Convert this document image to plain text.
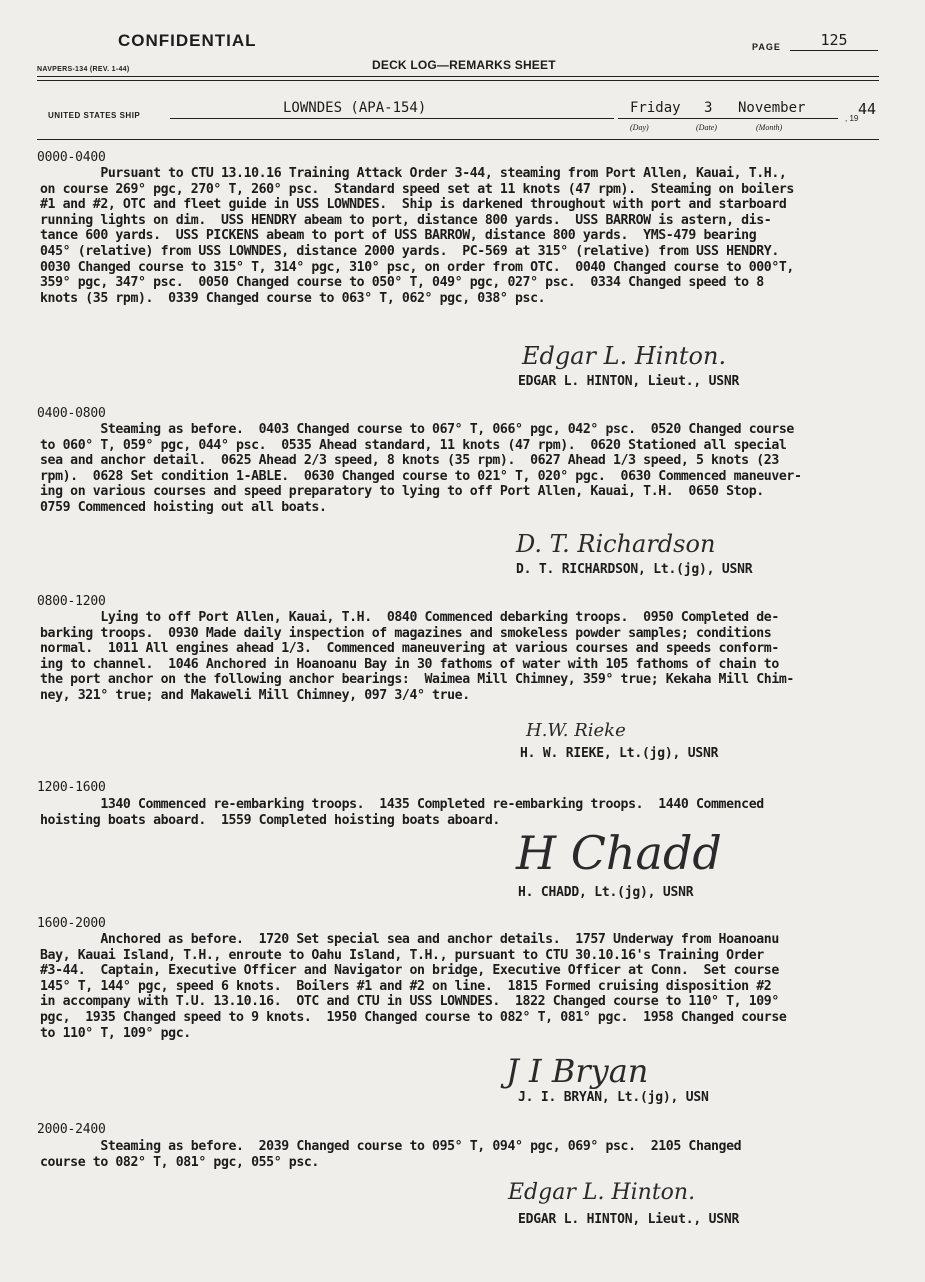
CONFIDENTIAL	PAGE	125
NAVPERS-134 (REV. 1-44)	DECK LOG—REMARKS SHEET
UNITED STATES SHIP	LOWNDES (APA-154)	Friday 3 November
(Day)	(Date)	(Month)
, 19
44
0000-0400
Pursuant to CTU 13.10.16 Training Attack Order 3-44, steaming from Port Allen, Kauai, T.H.,
on course 269° pgc, 270° T, 260° psc.  Standard speed set at 11 knots (47 rpm).  Steaming on boilers
#1 and #2, OTC and fleet guide in USS LOWNDES.  Ship is darkened throughout with port and starboard
running lights on dim.  USS HENDRY abeam to port, distance 800 yards.  USS BARROW is astern, dis-
tance 600 yards.  USS PICKENS abeam to port of USS BARROW, distance 800 yards.  YMS-479 bearing
045° (relative) from USS LOWNDES, distance 2000 yards.  PC-569 at 315° (relative) from USS HENDRY.
0030 Changed course to 315° T, 314° pgc, 310° psc, on order from OTC.  0040 Changed course to 000°T,
359° pgc, 347° psc.  0050 Changed course to 050° T, 049° pgc, 027° psc.  0334 Changed speed to 8
knots (35 rpm).  0339 Changed course to 063° T, 062° pgc, 038° psc.
Edgar L. Hinton.
EDGAR L. HINTON, Lieut., USNR
0400-0800
Steaming as before.  0403 Changed course to 067° T, 066° pgc, 042° psc.  0520 Changed course
to 060° T, 059° pgc, 044° psc.  0535 Ahead standard, 11 knots (47 rpm).  0620 Stationed all special
sea and anchor detail.  0625 Ahead 2/3 speed, 8 knots (35 rpm).  0627 Ahead 1/3 speed, 5 knots (23
rpm).  0628 Set condition 1-ABLE.  0630 Changed course to 021° T, 020° pgc.  0630 Commenced maneuver-
ing on various courses and speed preparatory to lying to off Port Allen, Kauai, T.H.  0650 Stop.
0759 Commenced hoisting out all boats.
D. T. Richardson
D. T. RICHARDSON, Lt.(jg), USNR
0800-1200
Lying to off Port Allen, Kauai, T.H.  0840 Commenced debarking troops.  0950 Completed de-
barking troops.  0930 Made daily inspection of magazines and smokeless powder samples; conditions
normal.  1011 All engines ahead 1/3.  Commenced maneuvering at various courses and speeds conform-
ing to channel.  1046 Anchored in Hoanoanu Bay in 30 fathoms of water with 105 fathoms of chain to
the port anchor on the following anchor bearings:  Waimea Mill Chimney, 359° true; Kekaha Mill Chim-
ney, 321° true; and Makaweli Mill Chimney, 097 3/4° true.
H.W. Rieke
H. W. RIEKE, Lt.(jg), USNR
1200-1600
1340 Commenced re-embarking troops.  1435 Completed re-embarking troops.  1440 Commenced
hoisting boats aboard.  1559 Completed hoisting boats aboard.
H Chadd
H. CHADD, Lt.(jg), USNR
1600-2000
Anchored as before.  1720 Set special sea and anchor details.  1757 Underway from Hoanoanu
Bay, Kauai Island, T.H., enroute to Oahu Island, T.H., pursuant to CTU 30.10.16's Training Order
#3-44.  Captain, Executive Officer and Navigator on bridge, Executive Officer at Conn.  Set course
145° T, 144° pgc, speed 6 knots.  Boilers #1 and #2 on line.  1815 Formed cruising disposition #2
in accompany with T.U. 13.10.16.  OTC and CTU in USS LOWNDES.  1822 Changed course to 110° T, 109°
pgc,  1935 Changed speed to 9 knots.  1950 Changed course to 082° T, 081° pgc.  1958 Changed course
to 110° T, 109° pgc.
J I Bryan
J. I. BRYAN, Lt.(jg), USN
2000-2400
Steaming as before.  2039 Changed course to 095° T, 094° pgc, 069° psc.  2105 Changed
course to 082° T, 081° pgc, 055° psc.
Edgar L. Hinton.
EDGAR L. HINTON, Lieut., USNR
